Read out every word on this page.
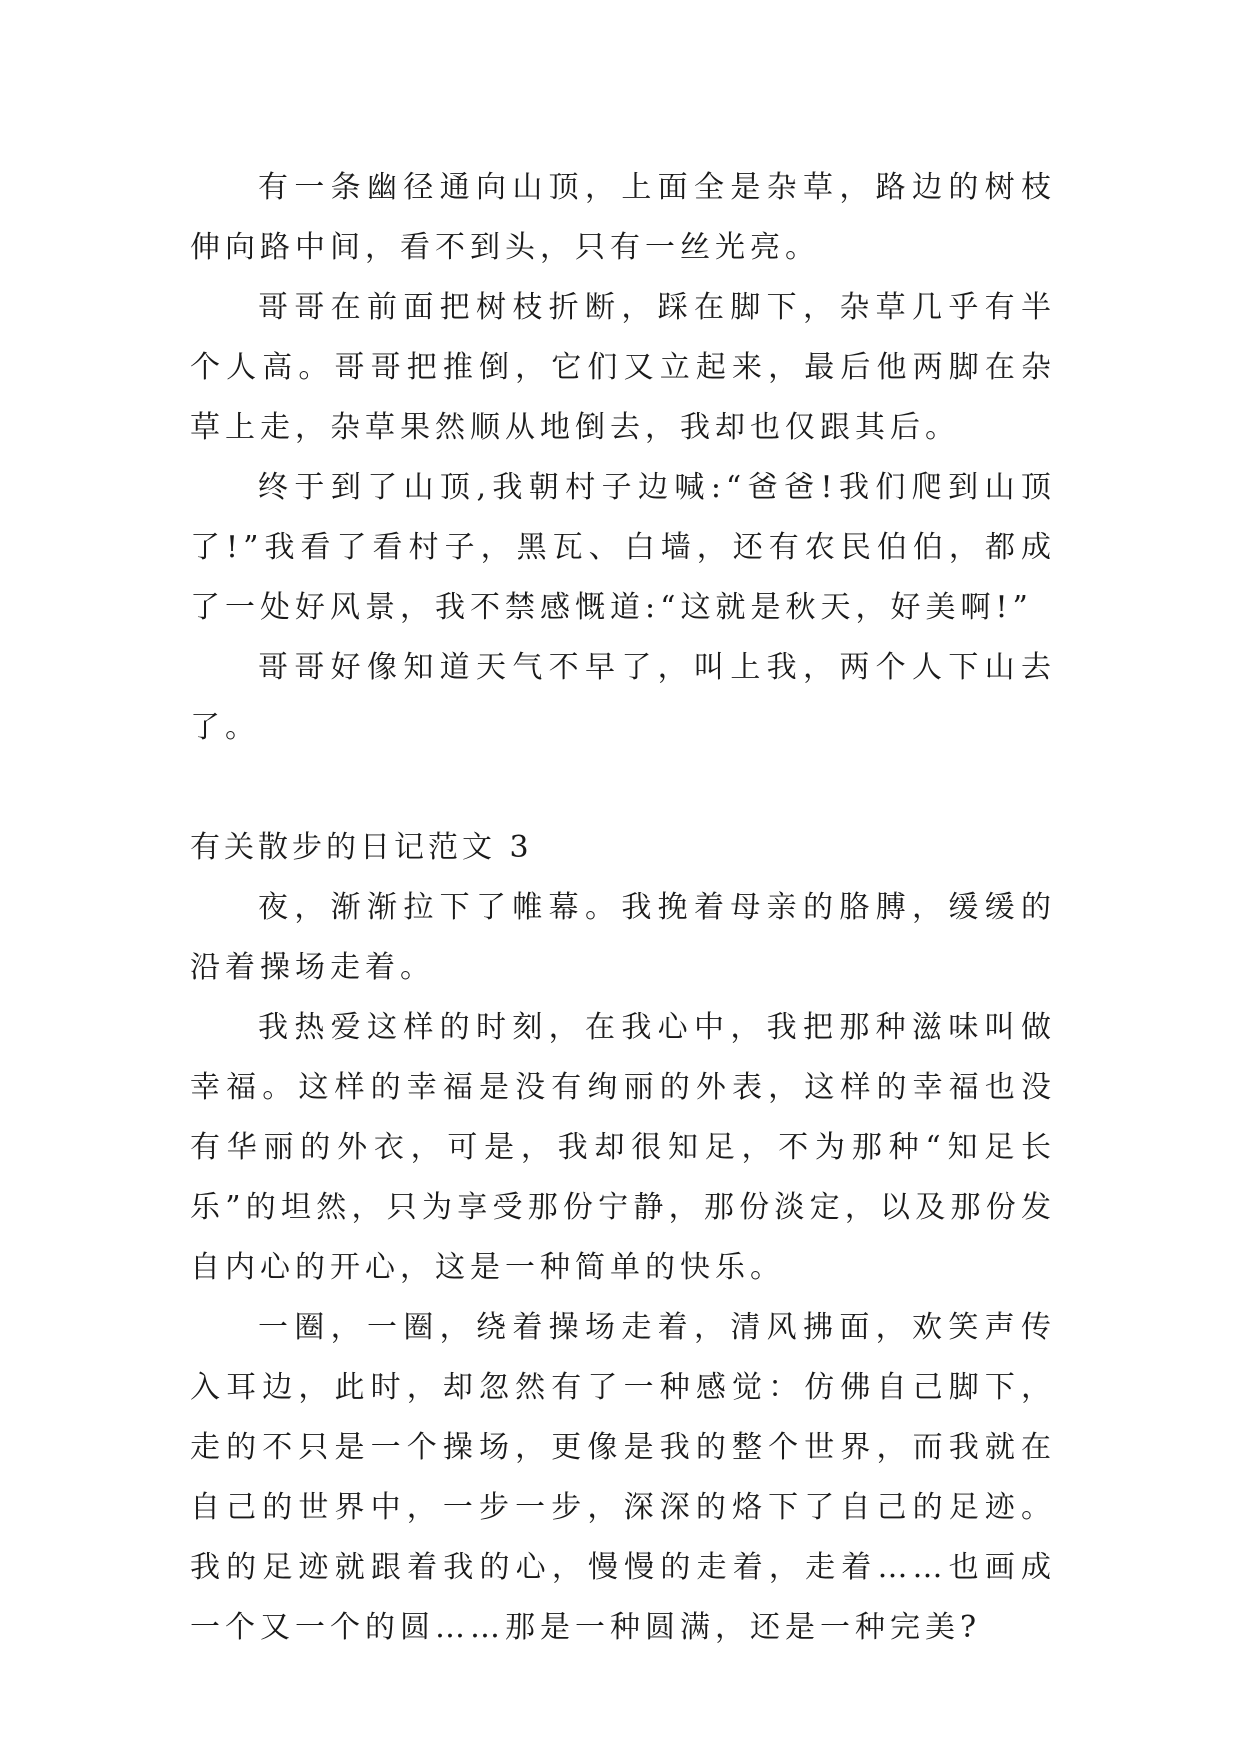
有一条幽径通向山顶，上面全是杂草，路边的树枝伸向路中间，看不到头，只有一丝光亮。

哥哥在前面把树枝折断，踩在脚下，杂草几乎有半个人高。哥哥把推倒，它们又立起来，最后他两脚在杂草上走，杂草果然顺从地倒去，我却也仅跟其后。

终于到了山顶,我朝村子边喊:“爸爸!我们爬到山顶了!”我看了看村子，黑瓦、白墙，还有农民伯伯，都成了一处好风景，我不禁感慨道:“这就是秋天，好美啊!”

哥哥好像知道天气不早了，叫上我，两个人下山去了。

有关散步的日记范文 3

夜，渐渐拉下了帷幕。我挽着母亲的胳膊，缓缓的沿着操场走着。

我热爱这样的时刻，在我心中，我把那种滋味叫做幸福。这样的幸福是没有绚丽的外表，这样的幸福也没有华丽的外衣，可是，我却很知足，不为那种“知足长乐”的坦然，只为享受那份宁静，那份淡定，以及那份发自内心的开心，这是一种简单的快乐。

一圈，一圈，绕着操场走着，清风拂面，欢笑声传入耳边，此时，却忽然有了一种感觉：仿佛自己脚下，走的不只是一个操场，更像是我的整个世界，而我就在自己的世界中，一步一步，深深的烙下了自己的足迹。我的足迹就跟着我的心，慢慢的走着，走着……也画成一个又一个的圆……那是一种圆满，还是一种完美?
